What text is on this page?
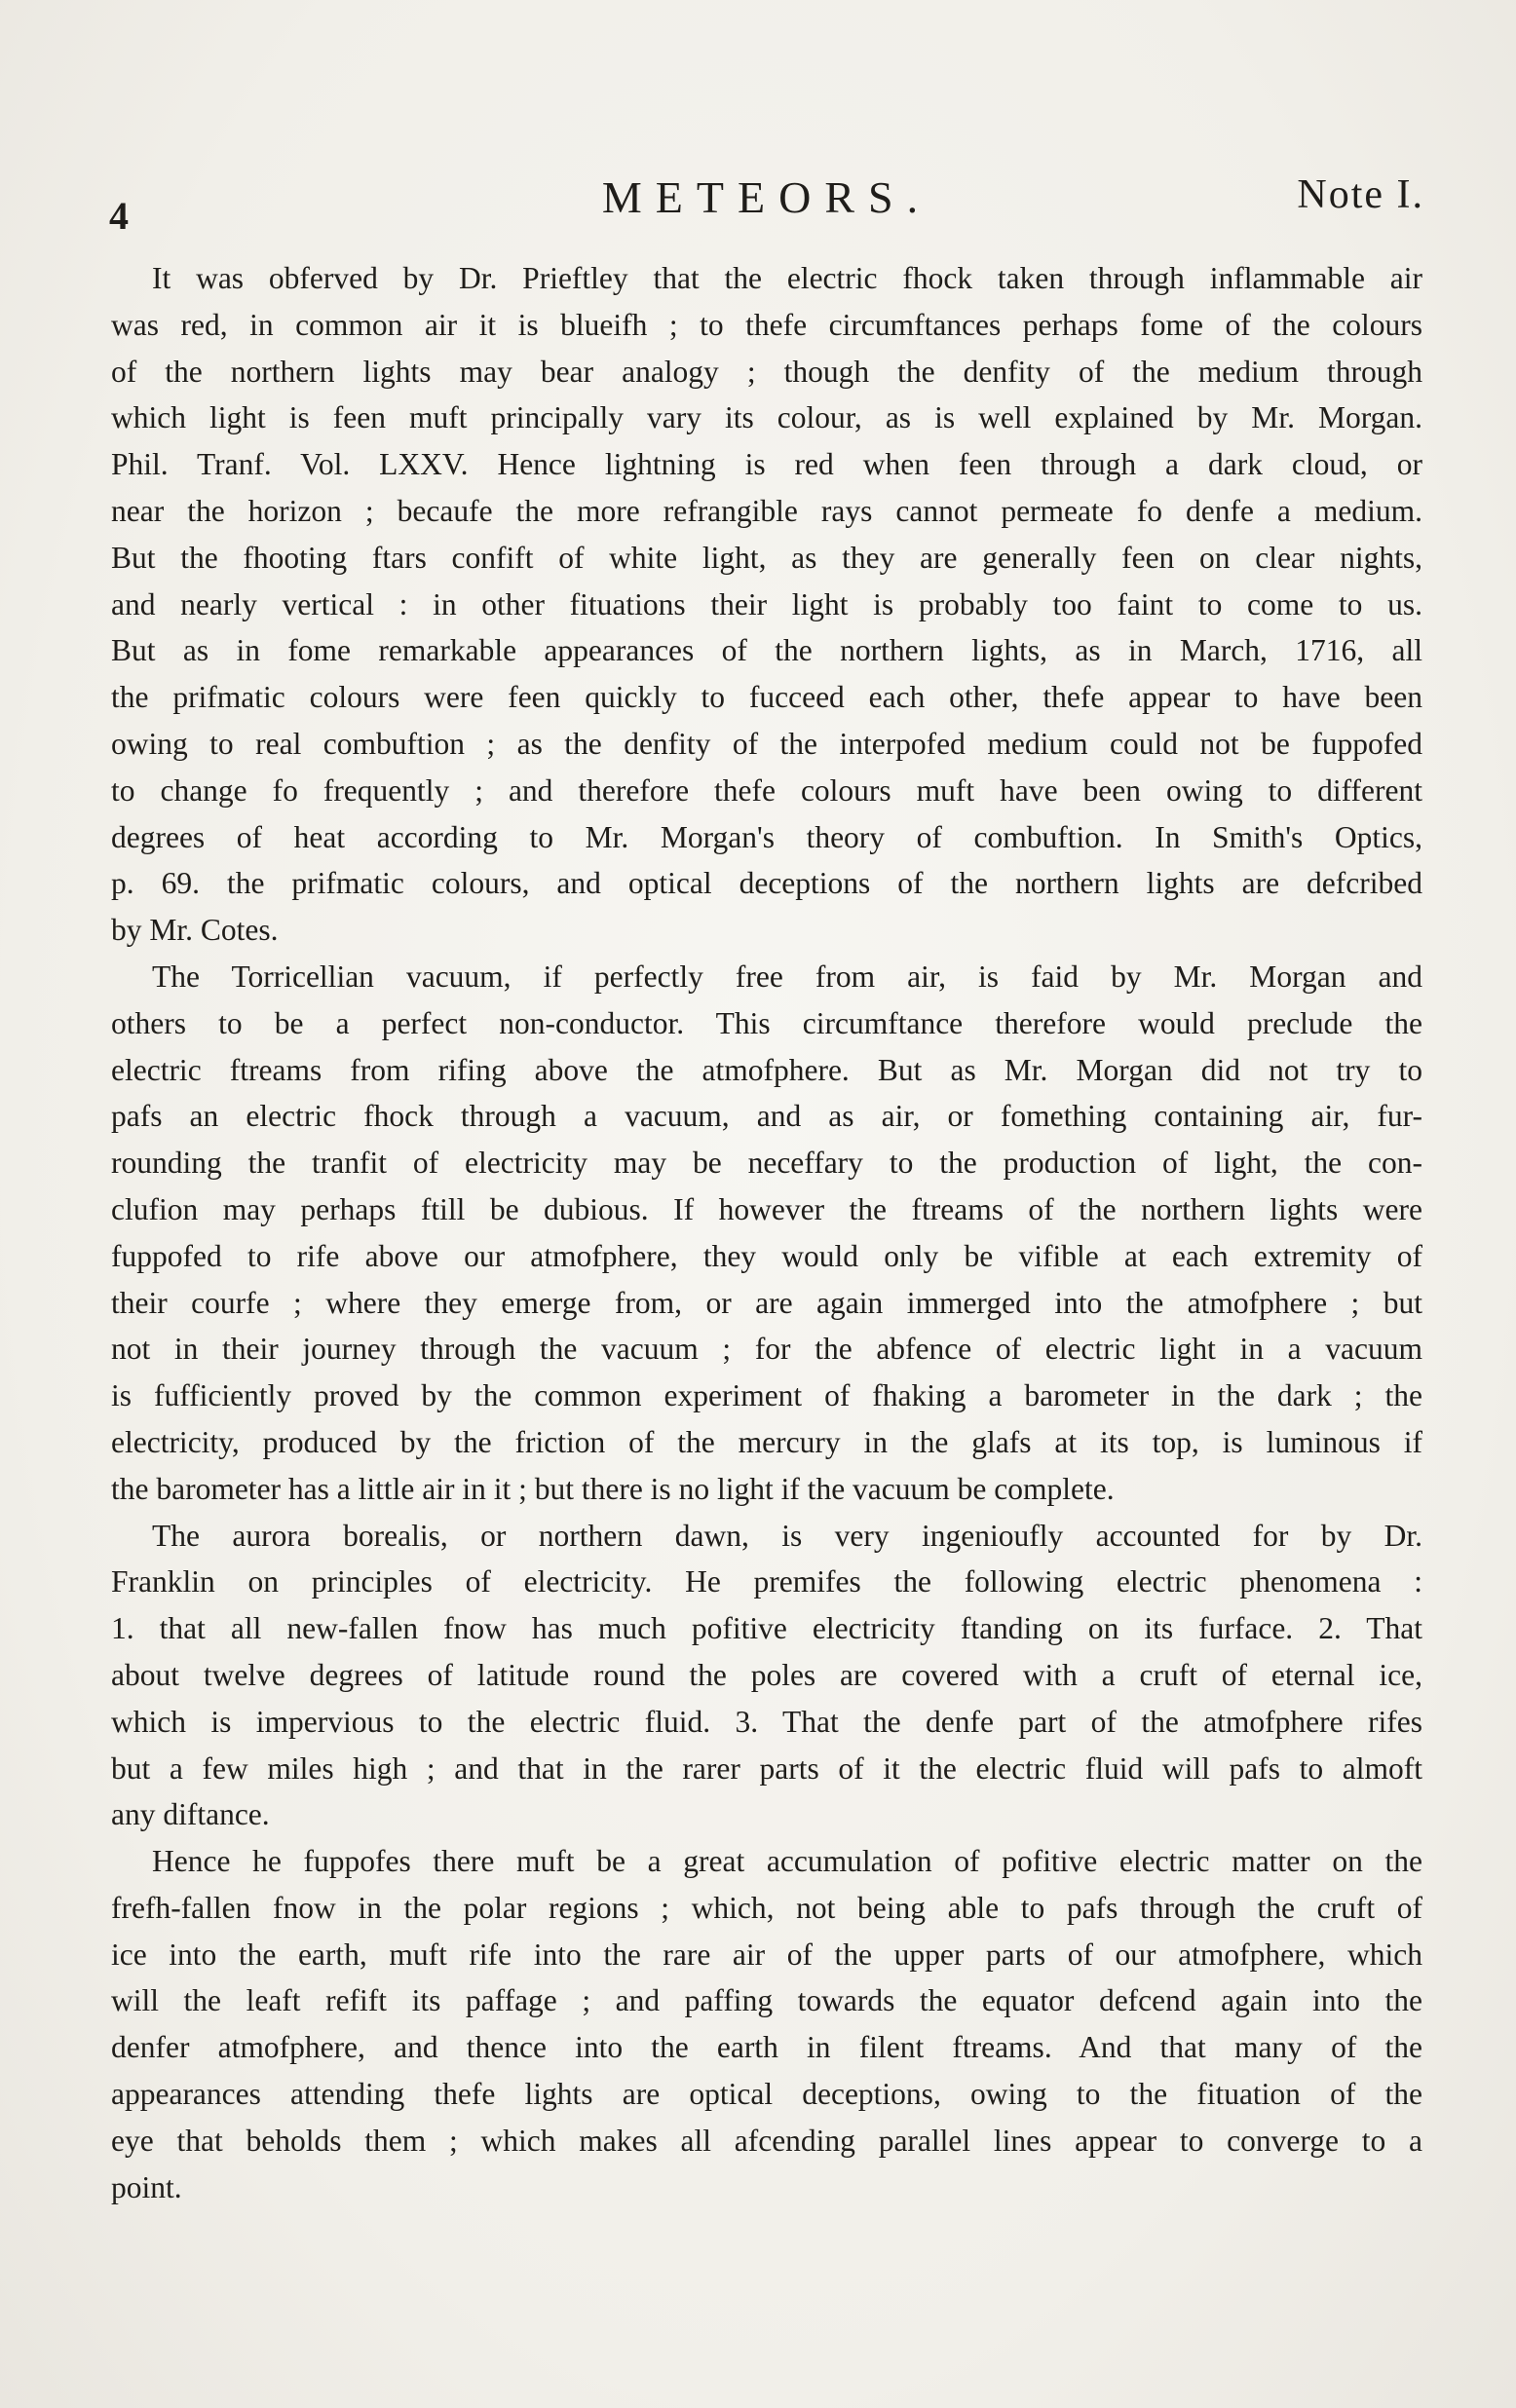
4	METEORS.	Note I.
It was obferved by Dr. Prieftley that the electric fhock taken through inflammable air
was red, in common air it is blueifh ; to thefe circumftances perhaps fome of the colours
of the northern lights may bear analogy ; though the denfity of the medium through
which light is feen muft principally vary its colour, as is well explained by Mr. Morgan.
Phil. Tranf. Vol. LXXV. Hence lightning is red when feen through a dark cloud, or
near the horizon ; becaufe the more refrangible rays cannot permeate fo denfe a medium.
But the fhooting ftars confift of white light, as they are generally feen on clear nights,
and nearly vertical : in other fituations their light is probably too faint to come to us.
But as in fome remarkable appearances of the northern lights, as in March, 1716, all
the prifmatic colours were feen quickly to fucceed each other, thefe appear to have been
owing to real combuftion ; as the denfity of the interpofed medium could not be fuppofed
to change fo frequently ; and therefore thefe colours muft have been owing to different
degrees of heat according to Mr. Morgan's theory of combuftion. In Smith's Optics,
p. 69. the prifmatic colours, and optical deceptions of the northern lights are defcribed
by Mr. Cotes.
The Torricellian vacuum, if perfectly free from air, is faid by Mr. Morgan and
others to be a perfect non-conductor. This circumftance therefore would preclude the
electric ftreams from rifing above the atmofphere. But as Mr. Morgan did not try to
pafs an electric fhock through a vacuum, and as air, or fomething containing air, fur-
rounding the tranfit of electricity may be neceffary to the production of light, the con-
clufion may perhaps ftill be dubious. If however the ftreams of the northern lights were
fuppofed to rife above our atmofphere, they would only be vifible at each extremity of
their courfe ; where they emerge from, or are again immerged into the atmofphere ; but
not in their journey through the vacuum ; for the abfence of electric light in a vacuum
is fufficiently proved by the common experiment of fhaking a barometer in the dark ; the
electricity, produced by the friction of the mercury in the glafs at its top, is luminous if
the barometer has a little air in it ; but there is no light if the vacuum be complete.
The aurora borealis, or northern dawn, is very ingenioufly accounted for by Dr.
Franklin on principles of electricity. He premifes the following electric phenomena :
1. that all new-fallen fnow has much pofitive electricity ftanding on its furface. 2. That
about twelve degrees of latitude round the poles are covered with a cruft of eternal ice,
which is impervious to the electric fluid. 3. That the denfe part of the atmofphere rifes
but a few miles high ; and that in the rarer parts of it the electric fluid will pafs to almoft
any diftance.
Hence he fuppofes there muft be a great accumulation of pofitive electric matter on the
frefh-fallen fnow in the polar regions ; which, not being able to pafs through the cruft of
ice into the earth, muft rife into the rare air of the upper parts of our atmofphere, which
will the leaft refift its paffage ; and paffing towards the equator defcend again into the
denfer atmofphere, and thence into the earth in filent ftreams. And that many of the
appearances attending thefe lights are optical deceptions, owing to the fituation of the
eye that beholds them ; which makes all afcending parallel lines appear to converge to a
point.
